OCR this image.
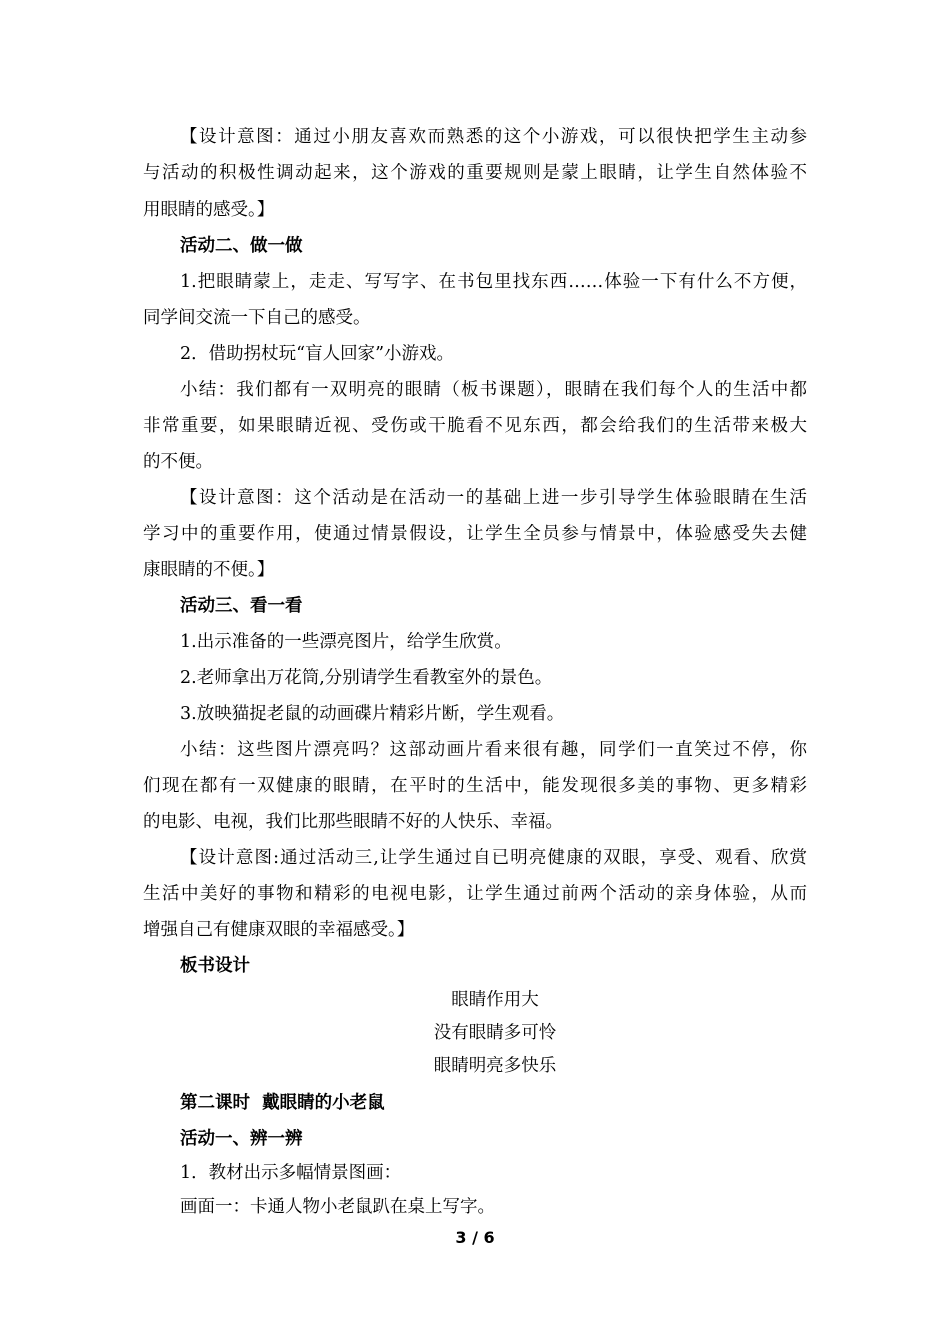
【设计意图：通过小朋友喜欢而熟悉的这个小游戏，可以很快把学生主动参
与活动的积极性调动起来，这个游戏的重要规则是蒙上眼睛，让学生自然体验不
用眼睛的感受。】
活动二、做一做
1.把眼睛蒙上，走走、写写字、在书包里找东西……体验一下有什么不方便，
同学间交流一下自己的感受。
2．借助拐杖玩“盲人回家”小游戏。
小结：我们都有一双明亮的眼睛（板书课题），眼睛在我们每个人的生活中都
非常重要，如果眼睛近视、受伤或干脆看不见东西，都会给我们的生活带来极大
的不便。
【设计意图：这个活动是在活动一的基础上进一步引导学生体验眼睛在生活
学习中的重要作用，使通过情景假设，让学生全员参与情景中，体验感受失去健
康眼睛的不便。】
活动三、看一看
1.出示准备的一些漂亮图片，给学生欣赏。
2.老师拿出万花筒,分别请学生看教室外的景色。
3.放映猫捉老鼠的动画碟片精彩片断，学生观看。
小结：这些图片漂亮吗？这部动画片看来很有趣，同学们一直笑过不停，你
们现在都有一双健康的眼睛，在平时的生活中，能发现很多美的事物、更多精彩
的电影、电视，我们比那些眼睛不好的人快乐、幸福。
【设计意图:通过活动三,让学生通过自已明亮健康的双眼，享受、观看、欣赏
生活中美好的事物和精彩的电视电影，让学生通过前两个活动的亲身体验，从而
增强自己有健康双眼的幸福感受。】
板书设计
眼睛作用大
没有眼睛多可怜
眼睛明亮多快乐
第二课时  戴眼睛的小老鼠
活动一、辨一辨
1．教材出示多幅情景图画：
画面一：卡通人物小老鼠趴在桌上写字。
3 / 6
